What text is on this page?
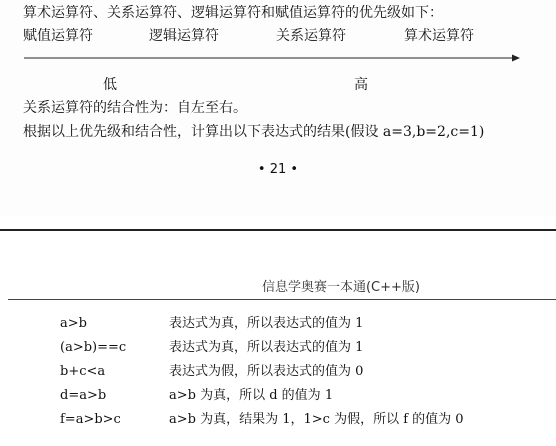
算术运算符、关系运算符、逻辑运算符和赋值运算符的优先级如下：
赋值运算符	逻辑运算符	关系运算符	算术运算符
低	高
关系运算符的结合性为：自左至右。
根据以上优先级和结合性，计算出以下表达式的结果(假设 a=3,b=2,c=1)
• 21 •
信息学奥赛一本通(C++版)
a>b	表达式为真，所以表达式的值为 1
(a>b)==c	表达式为真，所以表达式的值为 1
b+c<a	表达式为假，所以表达式的值为 0
d=a>b	a>b 为真，所以 d 的值为 1
f=a>b>c	a>b 为真，结果为 1，1>c 为假，所以 f 的值为 0
